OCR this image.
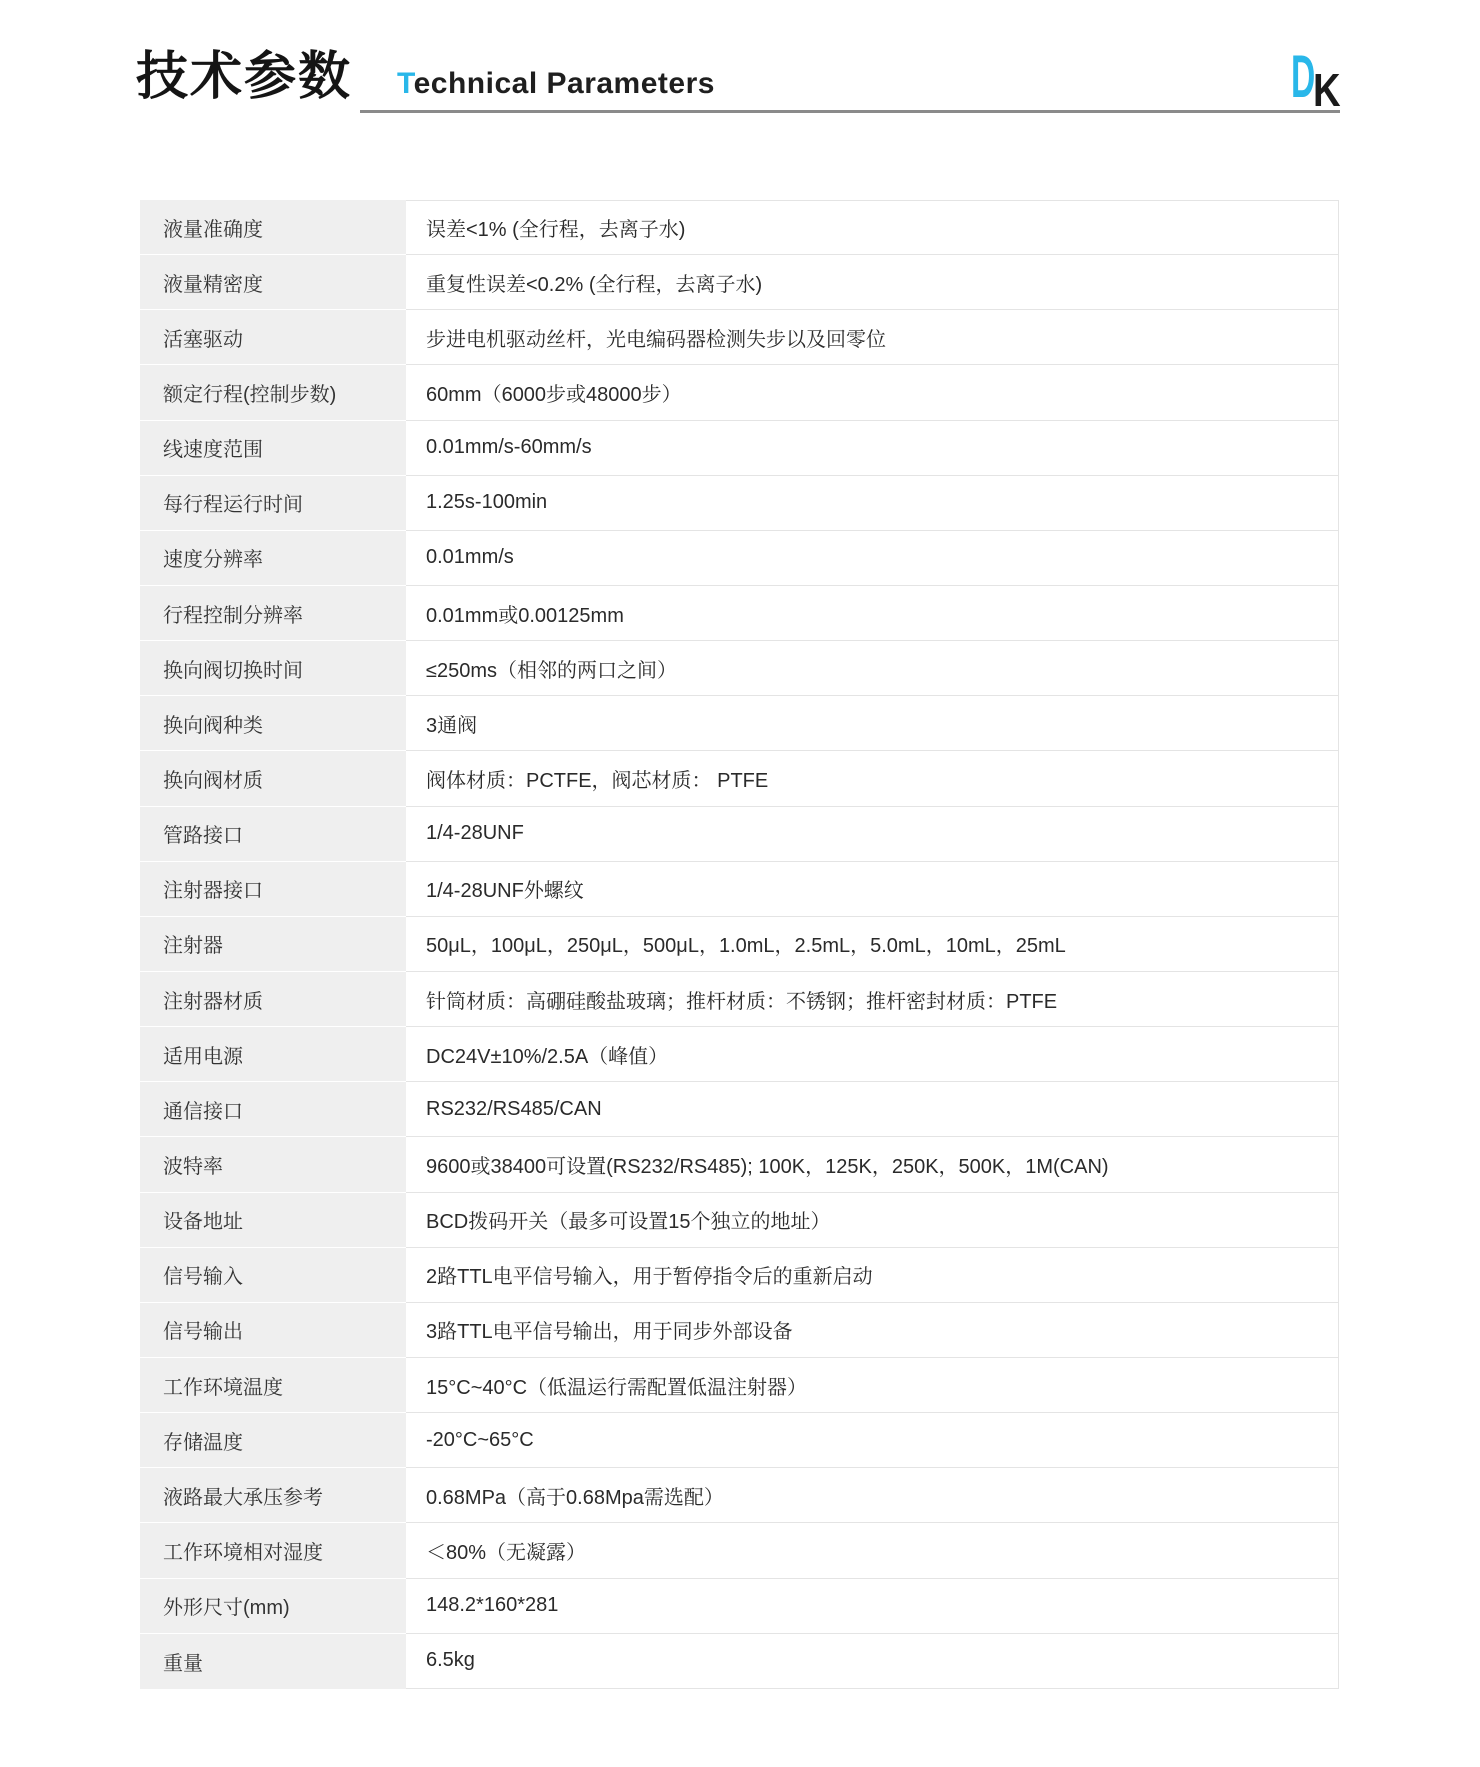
技术参数 Technical Parameters	D
K
液量准确度	误差<1% (全行程，去离子水)
液量精密度	重复性误差<0.2% (全行程，去离子水)
活塞驱动	步进电机驱动丝杆，光电编码器检测失步以及回零位
额定行程(控制步数)	60mm（6000步或48000步）
线速度范围	0.01mm/s-60mm/s
每行程运行时间	1.25s-100min
速度分辨率	0.01mm/s
行程控制分辨率	0.01mm或0.00125mm
换向阀切换时间	≤250ms（相邻的两口之间）
换向阀种类	3通阀
换向阀材质	阀体材质：PCTFE，阀芯材质： PTFE
管路接口	1/4-28UNF
注射器接口	1/4-28UNF外螺纹
注射器	50μL，100μL，250μL，500μL，1.0mL，2.5mL，5.0mL，10mL，25mL
注射器材质	针筒材质：高硼硅酸盐玻璃；推杆材质：不锈钢；推杆密封材质：PTFE
适用电源	DC24V±10%/2.5A（峰值）
通信接口	RS232/RS485/CAN
波特率	9600或38400可设置(RS232/RS485); 100K，125K，250K，500K，1M(CAN)
设备地址	BCD拨码开关（最多可设置15个独立的地址）
信号输入	2路TTL电平信号输入，用于暂停指令后的重新启动
信号输出	3路TTL电平信号输出，用于同步外部设备
工作环境温度	15°C~40°C（低温运行需配置低温注射器）
存储温度	-20°C~65°C
液路最大承压参考	0.68MPa（高于0.68Mpa需选配）
工作环境相对湿度	＜80%（无凝露）
外形尺寸(mm)	148.2*160*281
重量	6.5kg
